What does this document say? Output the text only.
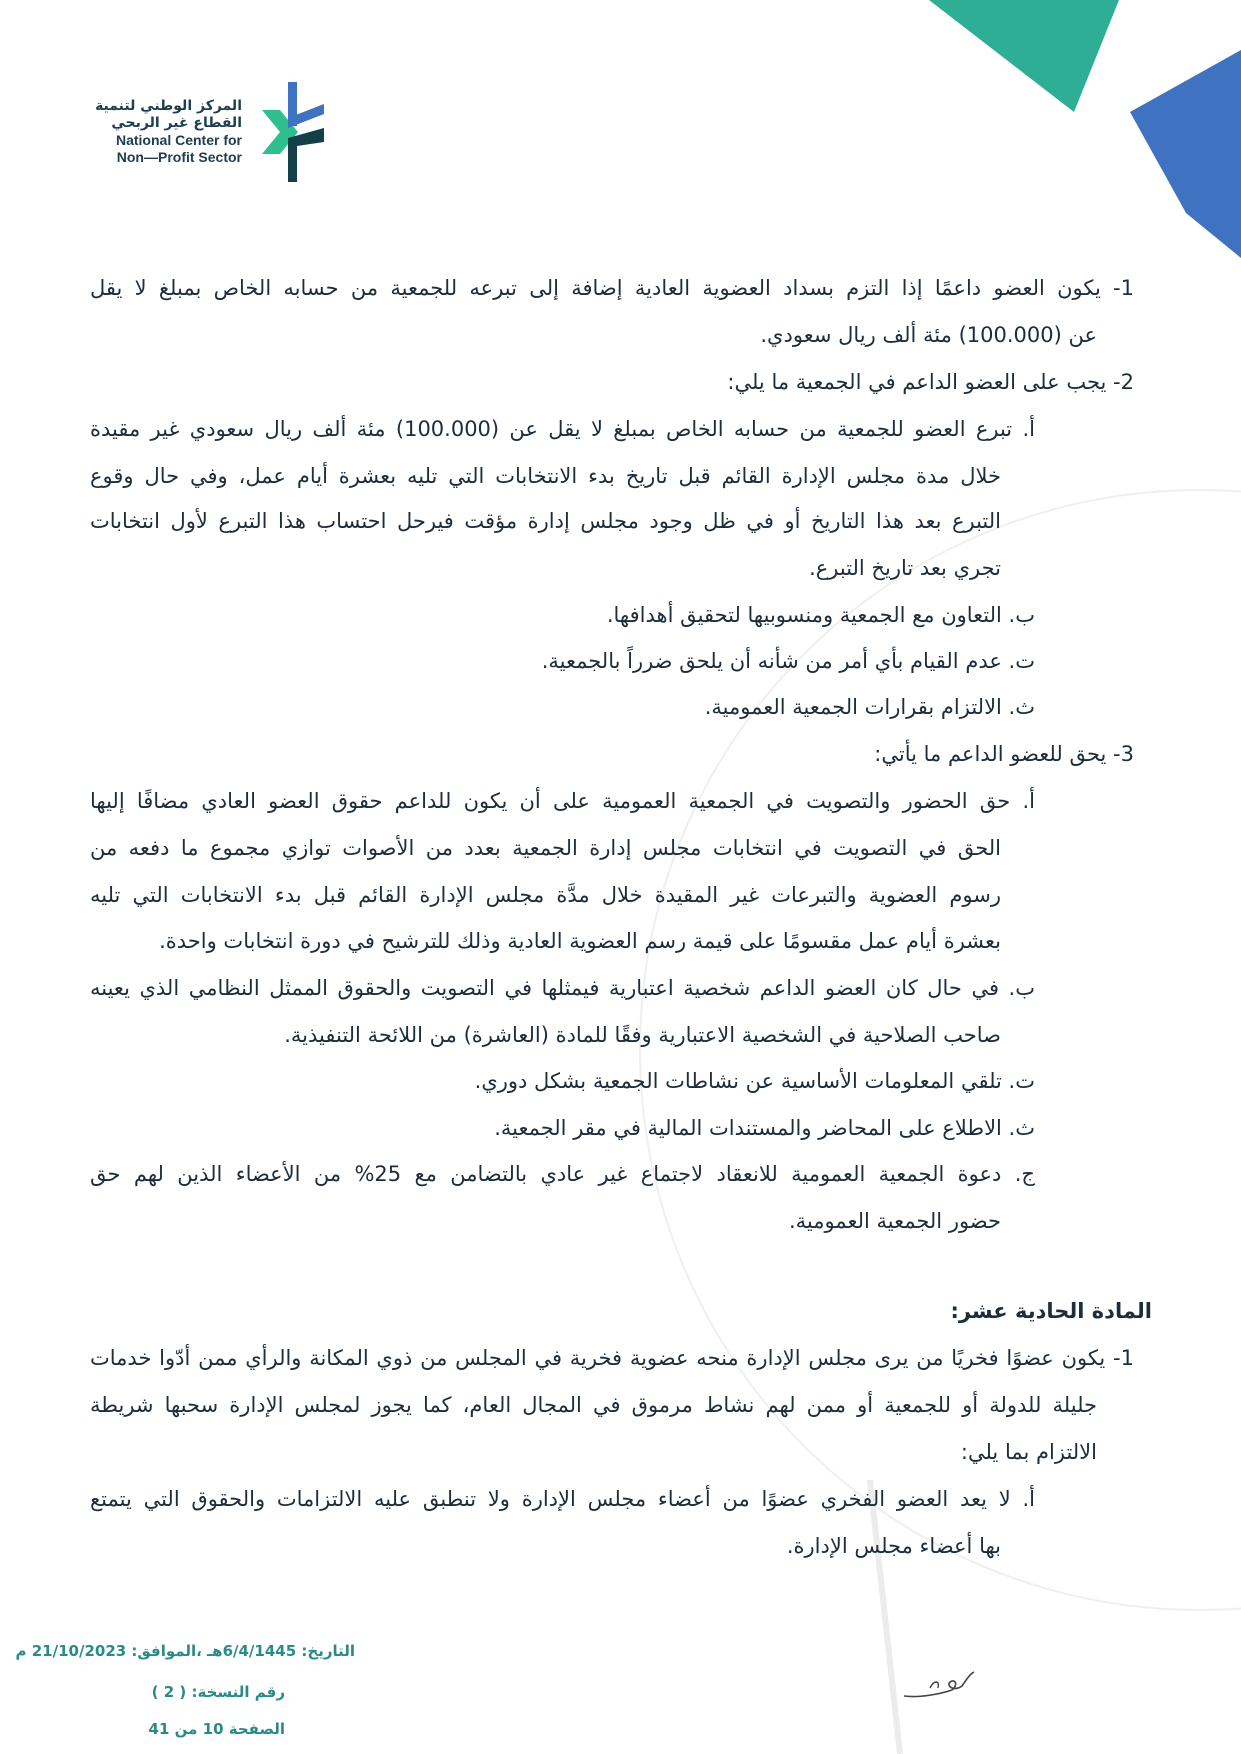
المركز الوطني لتنمية
القطاع غير الربحي
National Center for
Non—Profit Sector
1- يكون العضو داعمًا إذا التزم بسداد العضوية العادية إضافة إلى تبرعه للجمعية من حسابه الخاص بمبلغ لا يقل
عن (100.000) مئة ألف ريال سعودي.
2- يجب على العضو الداعم في الجمعية ما يلي:
أ. تبرع العضو للجمعية من حسابه الخاص بمبلغ لا يقل عن (100.000) مئة ألف ريال سعودي غير مقيدة
خلال مدة مجلس الإدارة القائم قبل تاريخ بدء الانتخابات التي تليه بعشرة أيام عمل، وفي حال وقوع
التبرع بعد هذا التاريخ أو في ظل وجود مجلس إدارة مؤقت فيرحل احتساب هذا التبرع لأول انتخابات
تجري بعد تاريخ التبرع.
ب. التعاون مع الجمعية ومنسوبيها لتحقيق أهدافها.
ت. عدم القيام بأي أمر من شأنه أن يلحق ضرراً بالجمعية.
ث. الالتزام بقرارات الجمعية العمومية.
3- يحق للعضو الداعم ما يأتي:
أ. حق الحضور والتصويت في الجمعية العمومية على أن يكون للداعم حقوق العضو العادي مضافًا إليها
الحق في التصويت في انتخابات مجلس إدارة الجمعية بعدد من الأصوات توازي مجموع ما دفعه من
رسوم العضوية والتبرعات غير المقيدة خلال مدَّة مجلس الإدارة القائم قبل بدء الانتخابات التي تليه
بعشرة أيام عمل مقسومًا على قيمة رسم العضوية العادية وذلك للترشيح في دورة انتخابات واحدة.
ب. في حال كان العضو الداعم شخصية اعتبارية فيمثلها في التصويت والحقوق الممثل النظامي الذي يعينه
صاحب الصلاحية في الشخصية الاعتبارية وفقًا للمادة (العاشرة) من اللائحة التنفيذية.
ت. تلقي المعلومات الأساسية عن نشاطات الجمعية بشكل دوري.
ث. الاطلاع على المحاضر والمستندات المالية في مقر الجمعية.
ج. دعوة الجمعية العمومية للانعقاد لاجتماع غير عادي بالتضامن مع 25% من الأعضاء الذين لهم حق
حضور الجمعية العمومية.
المادة الحادية عشر:
1- يكون عضوًا فخريًا من يرى مجلس الإدارة منحه عضوية فخرية في المجلس من ذوي المكانة والرأي ممن أدّوا خدمات
جليلة للدولة أو للجمعية أو ممن لهم نشاط مرموق في المجال العام، كما يجوز لمجلس الإدارة سحبها شريطة
الالتزام بما يلي:
أ. لا يعد العضو الفخري عضوًا من أعضاء مجلس الإدارة ولا تنطبق عليه الالتزامات والحقوق التي يتمتع
بها أعضاء مجلس الإدارة.
التاريخ: 6/4/1445هـ ،الموافق: 21/10/2023 م
رقم النسخة: ( 2 )
الصفحة 10 من 41
